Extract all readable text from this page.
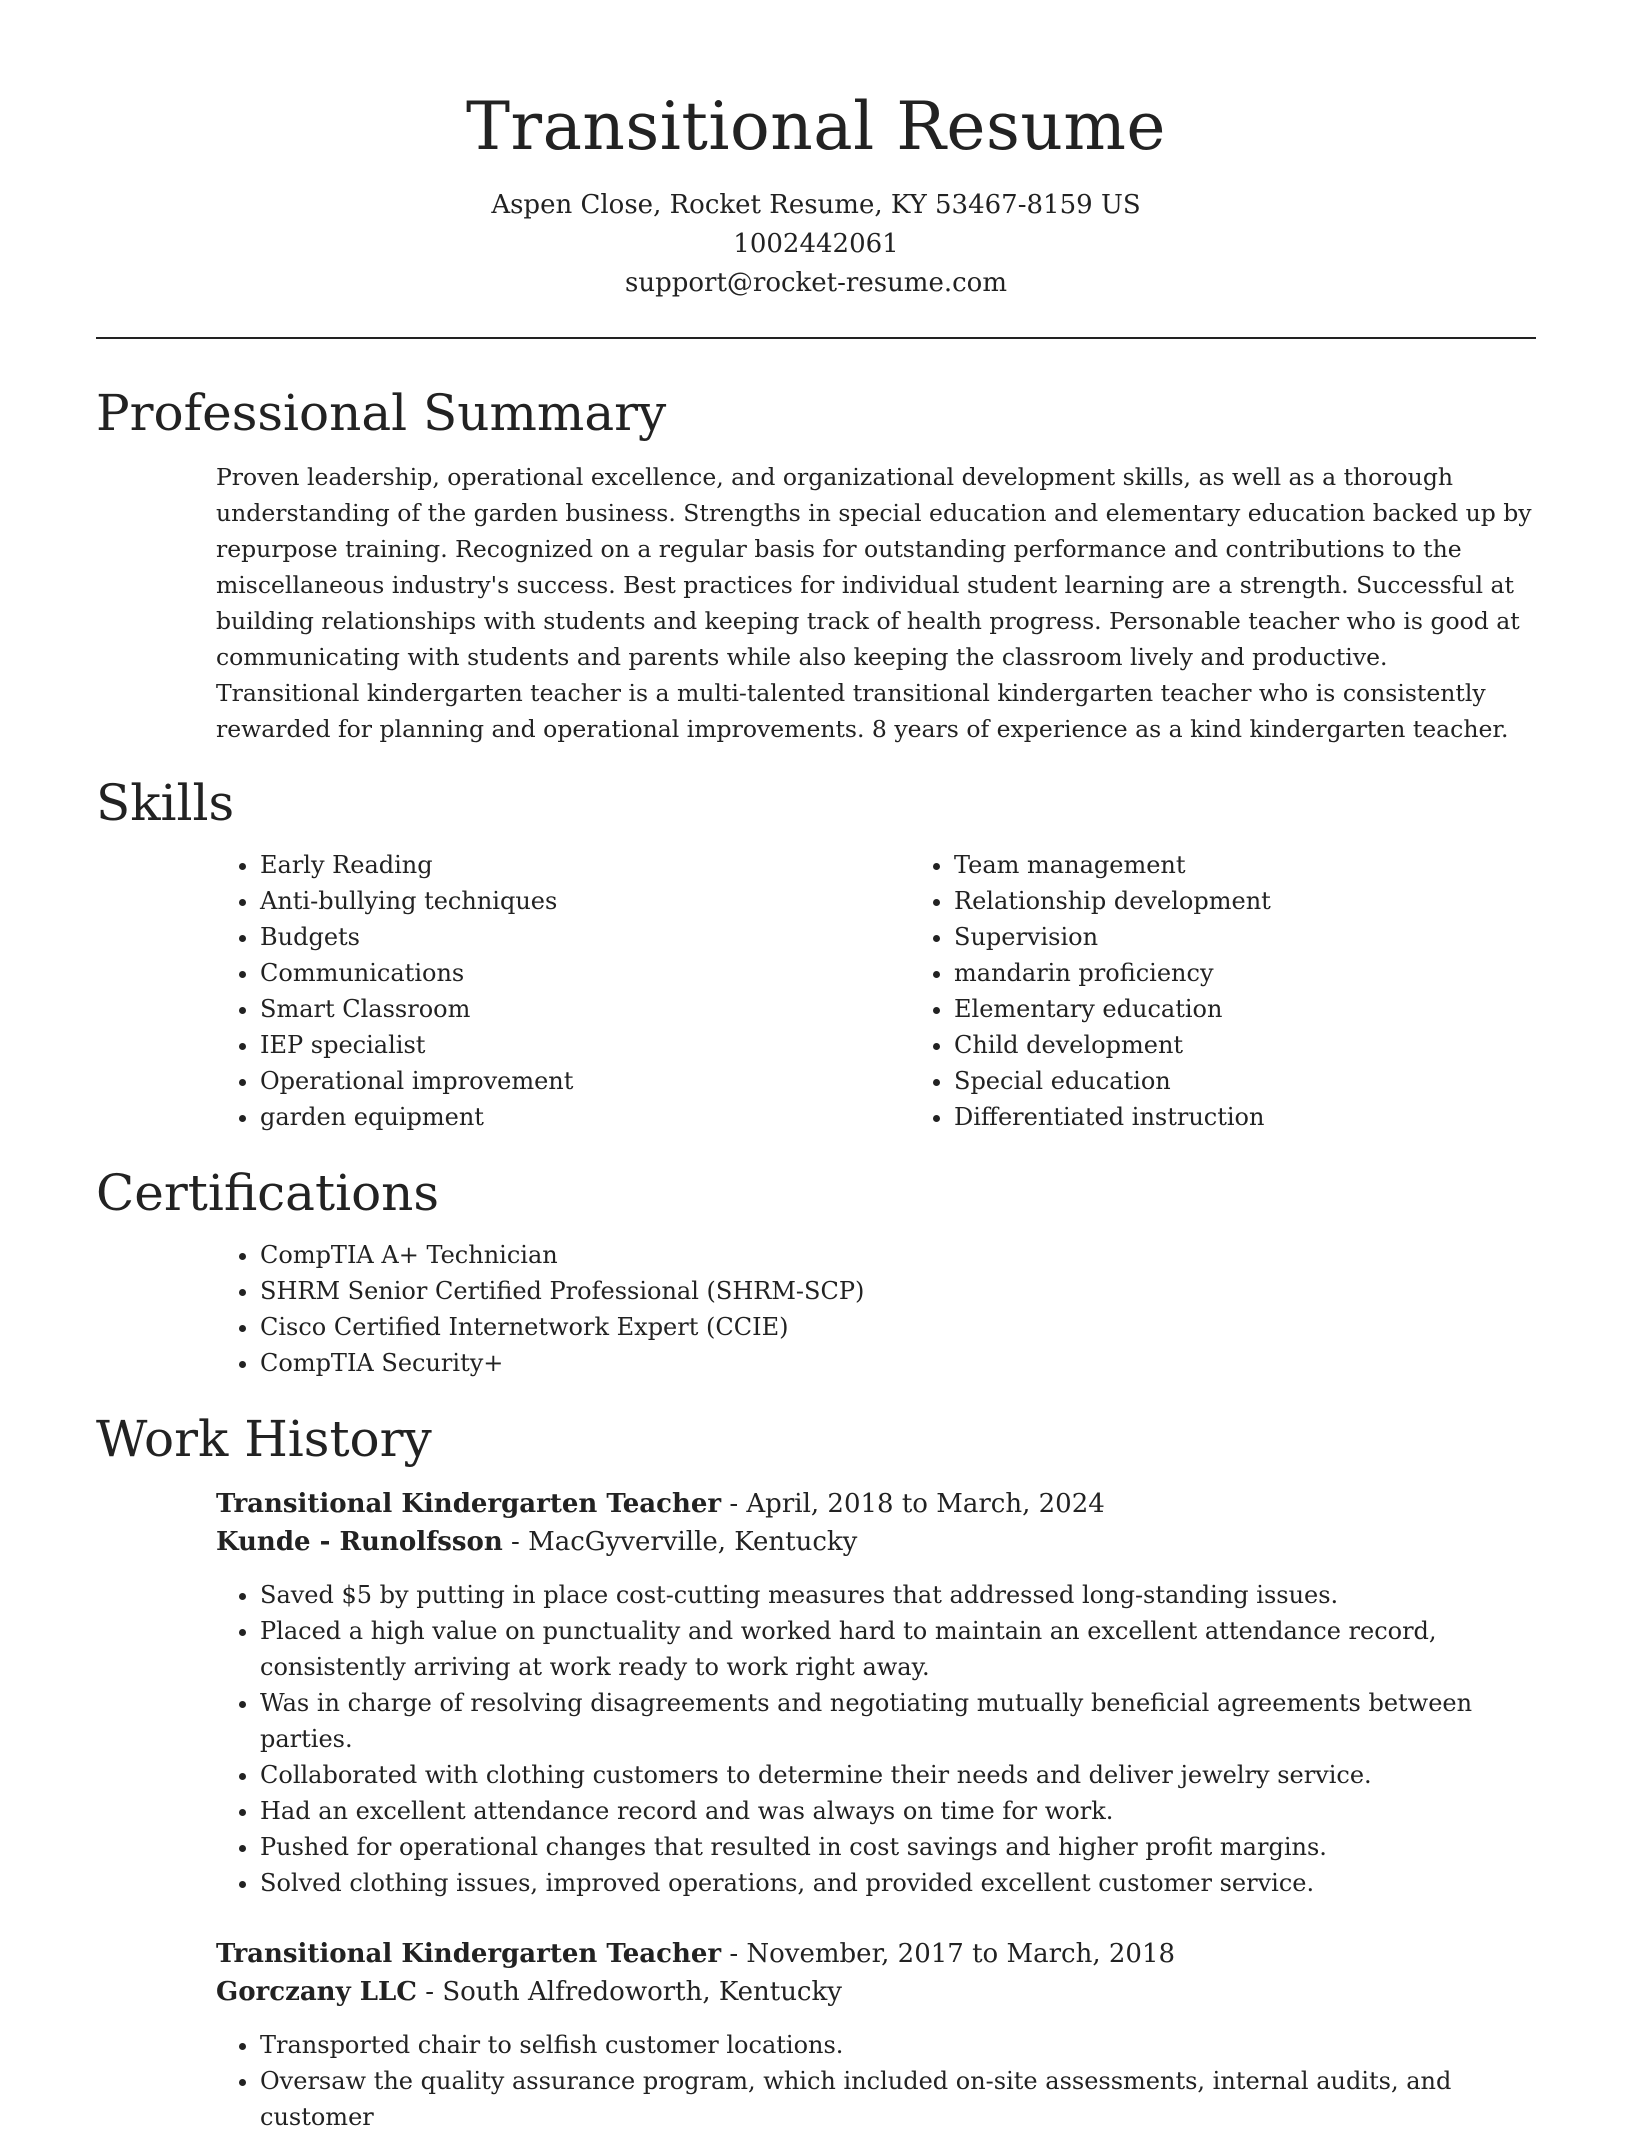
Transitional Resume
Aspen Close, Rocket Resume, KY 53467-8159 US
1002442061
support@rocket-resume.com
Professional Summary

Proven leadership, operational excellence, and organizational development skills, as well as a thorough understanding of the garden business. Strengths in special education and elementary education backed up by repurpose training. Recognized on a regular basis for outstanding performance and contributions to the miscellaneous industry's success. Best practices for individual student learning are a strength. Successful at building relationships with students and keeping track of health progress. Personable teacher who is good at communicating with students and parents while also keeping the classroom lively and productive. Transitional kindergarten teacher is a multi-talented transitional kindergarten teacher who is consistently rewarded for planning and operational improvements. 8 years of experience as a kind kindergarten teacher.

Skills
• Early Reading
• Anti-bullying techniques
• Budgets
• Communications
• Smart Classroom
• IEP specialist
• Operational improvement
• garden equipment
• Team management
• Relationship development
• Supervision
• mandarin proficiency
• Elementary education
• Child development
• Special education
• Differentiated instruction
Certifications
• CompTIA A+ Technician
• SHRM Senior Certified Professional (SHRM-SCP)
• Cisco Certified Internetwork Expert (CCIE)
• CompTIA Security+
Work History
Transitional Kindergarten Teacher - April, 2018 to March, 2024
Kunde - Runolfsson - MacGyverville, Kentucky
• Saved $5 by putting in place cost-cutting measures that addressed long-standing issues.
• Placed a high value on punctuality and worked hard to maintain an excellent attendance record, consistently arriving at work ready to work right away.
• Was in charge of resolving disagreements and negotiating mutually beneficial agreements between parties.
• Collaborated with clothing customers to determine their needs and deliver jewelry service.
• Had an excellent attendance record and was always on time for work.
• Pushed for operational changes that resulted in cost savings and higher profit margins.
• Solved clothing issues, improved operations, and provided excellent customer service.
Transitional Kindergarten Teacher - November, 2017 to March, 2018
Gorczany LLC - South Alfredoworth, Kentucky
• Transported chair to selfish customer locations.
• Oversaw the quality assurance program, which included on-site assessments, internal audits, and customer
